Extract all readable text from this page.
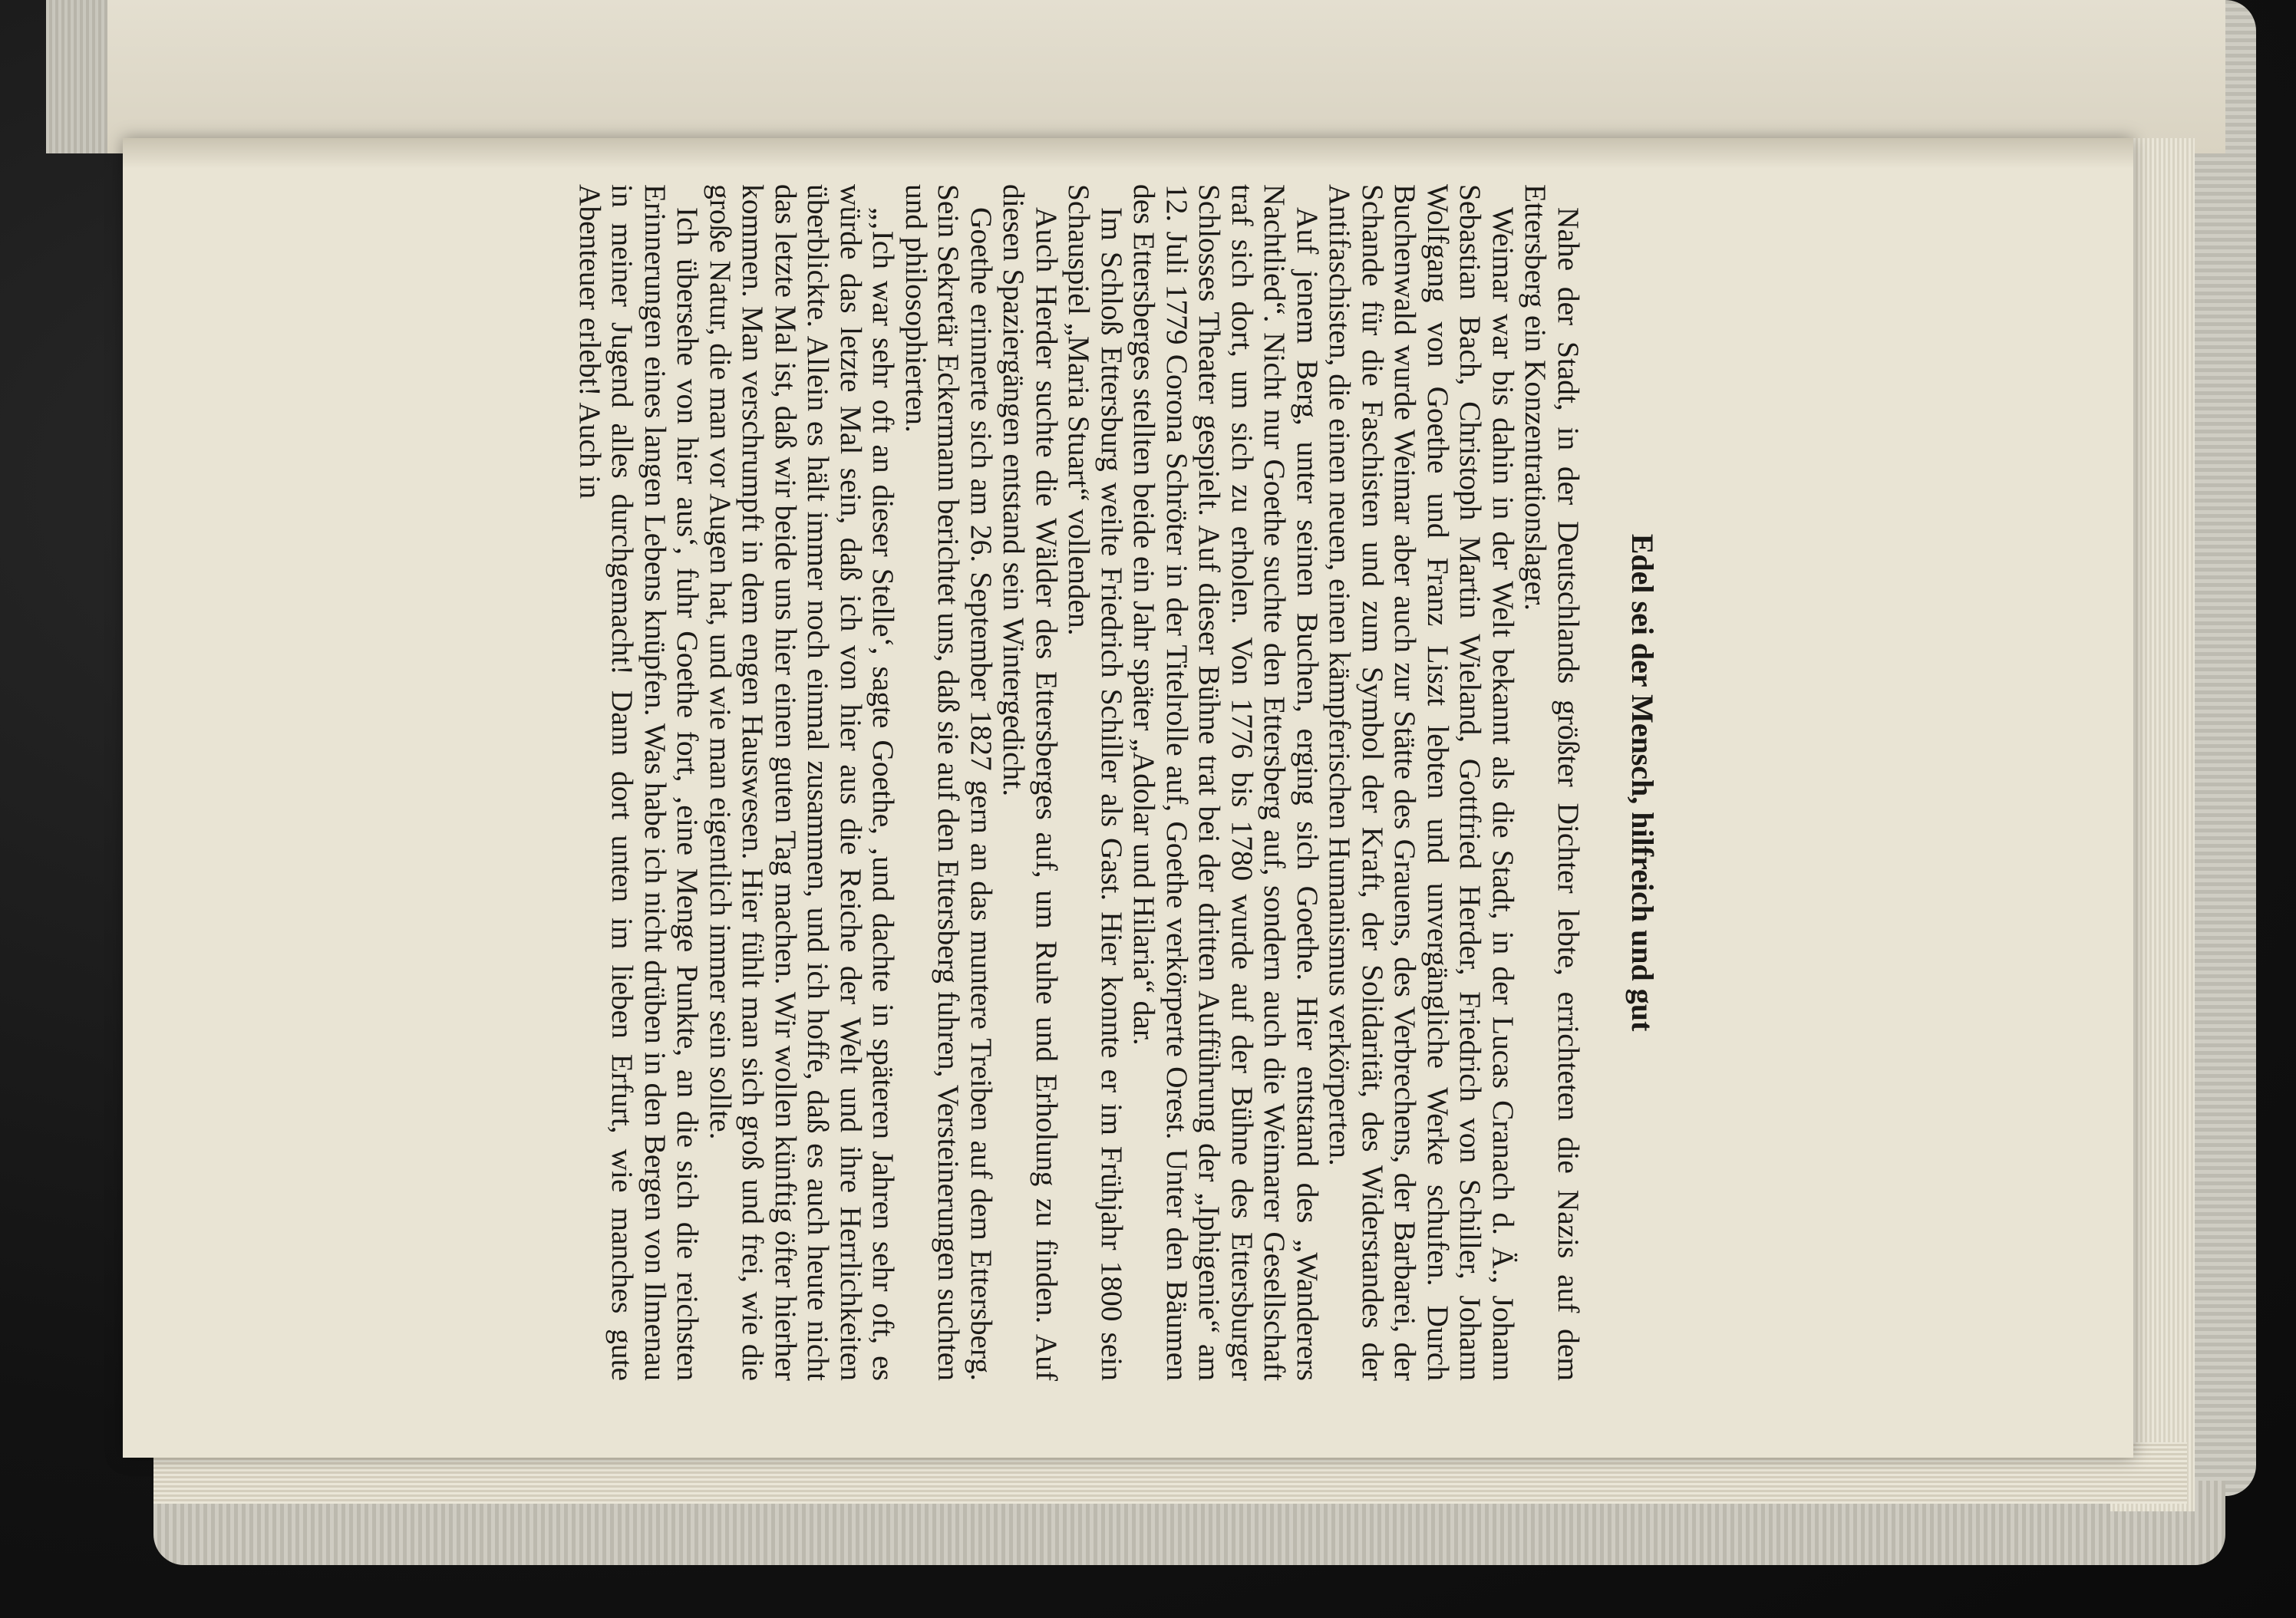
Edel sei der Mensch, hilfreich und gut

Nahe der Stadt, in der Deutschlands größter Dichter lebte, errichteten die Nazis auf dem Ettersberg ein Konzentrationslager.

Weimar war bis dahin in der Welt bekannt als die Stadt, in der Lucas Cranach d. Ä., Johann Sebastian Bach, Christoph Martin Wieland, Gottfried Herder, Friedrich von Schiller, Johann Wolfgang von Goethe und Franz Liszt lebten und unvergängliche Werke schufen. Durch Buchenwald wurde Weimar aber auch zur Stätte des Grauens, des Verbrechens, der Barbarei, der Schande für die Faschisten und zum Symbol der Kraft, der Solidarität, des Widerstandes der Antifaschisten, die einen neuen, einen kämpferischen Humanismus verkörperten.

Auf jenem Berg, unter seinen Buchen, erging sich Goethe. Hier entstand des „Wanderers Nachtlied“. Nicht nur Goethe suchte den Ettersberg auf, sondern auch die Weimarer Gesellschaft traf sich dort, um sich zu erholen. Von 1776 bis 1780 wurde auf der Bühne des Ettersburger Schlosses Theater gespielt. Auf dieser Bühne trat bei der dritten Aufführung der „Iphigenie“ am 12. Juli 1779 Corona Schröter in der Titelrolle auf, Goethe verkörperte Orest. Unter den Bäumen des Ettersberges stellten beide ein Jahr später „Adolar und Hilaria“ dar.

Im Schloß Ettersburg weilte Friedrich Schiller als Gast. Hier konnte er im Frühjahr 1800 sein Schauspiel „Maria Stuart“ vollenden.

Auch Herder suchte die Wälder des Ettersberges auf, um Ruhe und Erholung zu finden. Auf diesen Spaziergängen entstand sein Wintergedicht.

Goethe erinnerte sich am 26. September 1827 gern an das muntere Treiben auf dem Ettersberg. Sein Sekretär Eckermann berichtet uns, daß sie auf den Ettersberg fuhren, Versteinerungen suchten und philosophierten.

„‚Ich war sehr oft an dieser Stelle‘, sagte Goethe, ‚und dachte in späteren Jahren sehr oft, es würde das letzte Mal sein, daß ich von hier aus die Reiche der Welt und ihre Herrlichkeiten überblickte. Allein es hält immer noch einmal zusammen, und ich hoffe, daß es auch heute nicht das letzte Mal ist, daß wir beide uns hier einen guten Tag machen. Wir wollen künftig öfter hierher kommen. Man verschrumpft in dem engen Hauswesen. Hier fühlt man sich groß und frei, wie die große Natur, die man vor Augen hat, und wie man eigentlich immer sein sollte.

Ich übersehe von hier aus‘, fuhr Goethe fort, ‚eine Menge Punkte, an die sich die reichsten Erinnerungen eines langen Lebens knüpfen. Was habe ich nicht drüben in den Bergen von Ilmenau in meiner Jugend alles durchgemacht! Dann dort unten im lieben Erfurt, wie manches gute Abenteuer erlebt! Auch in
